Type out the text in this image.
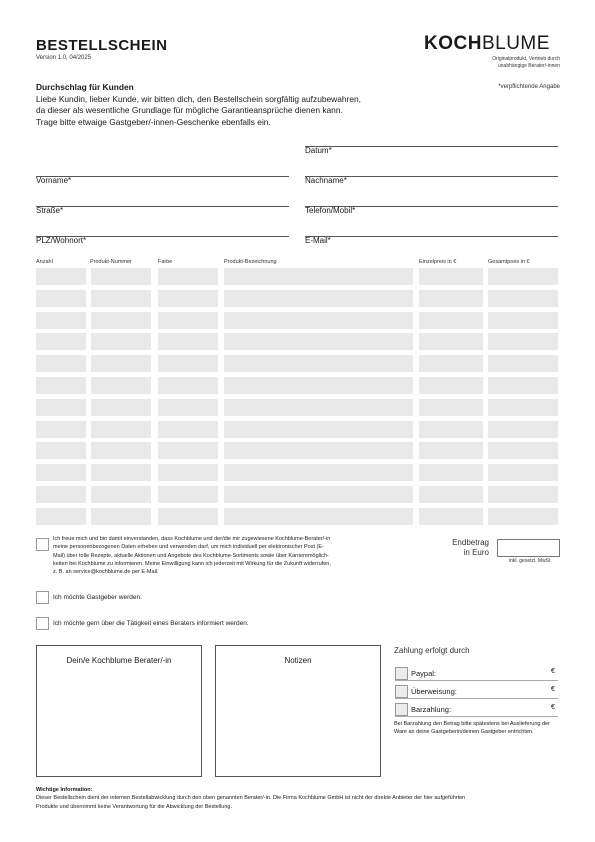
BESTELLSCHEIN
Version 1.0, 04/2025
KOCHBLUME
Originalprodukt, Vertrieb durch
unabhängige Berater/-innen
*verpflichtende Angabe
Durchschlag für Kunden
Liebe Kundin, lieber Kunde, wir bitten dich, den Bestellschein sorgfältig aufzubewahren,
da dieser als wesentliche Grundlage für mögliche Garantieansprüche dienen kann.
Trage bitte etwaige Gastgeber/-innen-Geschenke ebenfalls ein.
Datum*
Vorname*	Nachname*
Straße*	Telefon/Mobil*
PLZ/Wohnort*	E-Mail*
Anzahl	Produkt-Nummer	Farbe	Produkt-Bezeichnung	Einzelpreis in €	Gesamtpreis in €
Ich freue mich und bin damit einverstanden, dass Kochblume und der/die mir zugewiesene Kochblume-Berater/-in
meine personenbezogenen Daten erheben und verwenden darf, um mich individuell per elektronischer Post (E-
Mail) über tolle Rezepte, aktuelle Aktionen und Angebote des Kochblume-Sortiments sowie über Karrieremöglich-
keiten bei Kochblume zu informieren. Meine Einwilligung kann ich jederzeit mit Wirkung für die Zukunft widerrufen,
z. B. an service@kochblume.de per E-Mail.
Endbetrag
in Euro
inkl. gesetzl. MwSt
Ich möchte Gastgeber werden.
Ich möchte gern über die Tätigkeit eines Beraters informiert werden.
Dein/e Kochblume Berater/-in	Notizen
Zahlung erfolgt durch
Paypal:	€
Überweisung:	€
Barzahlung:	€
Bei Barzahlung den Betrag bitte spätestens bei Auslieferung der Ware an deine Gastgeberin/deinen Gastgeber entrichten.
Wichtige Information:
Dieser Bestellschein dient der internen Bestellabwicklung durch den oben genannten Berater/-in. Die Firma Kochblume GmbH ist nicht der direkte Anbieter der hier aufgeführten
Produkte und übernimmt keine Verantwortung für die Abwicklung der Bestellung.
